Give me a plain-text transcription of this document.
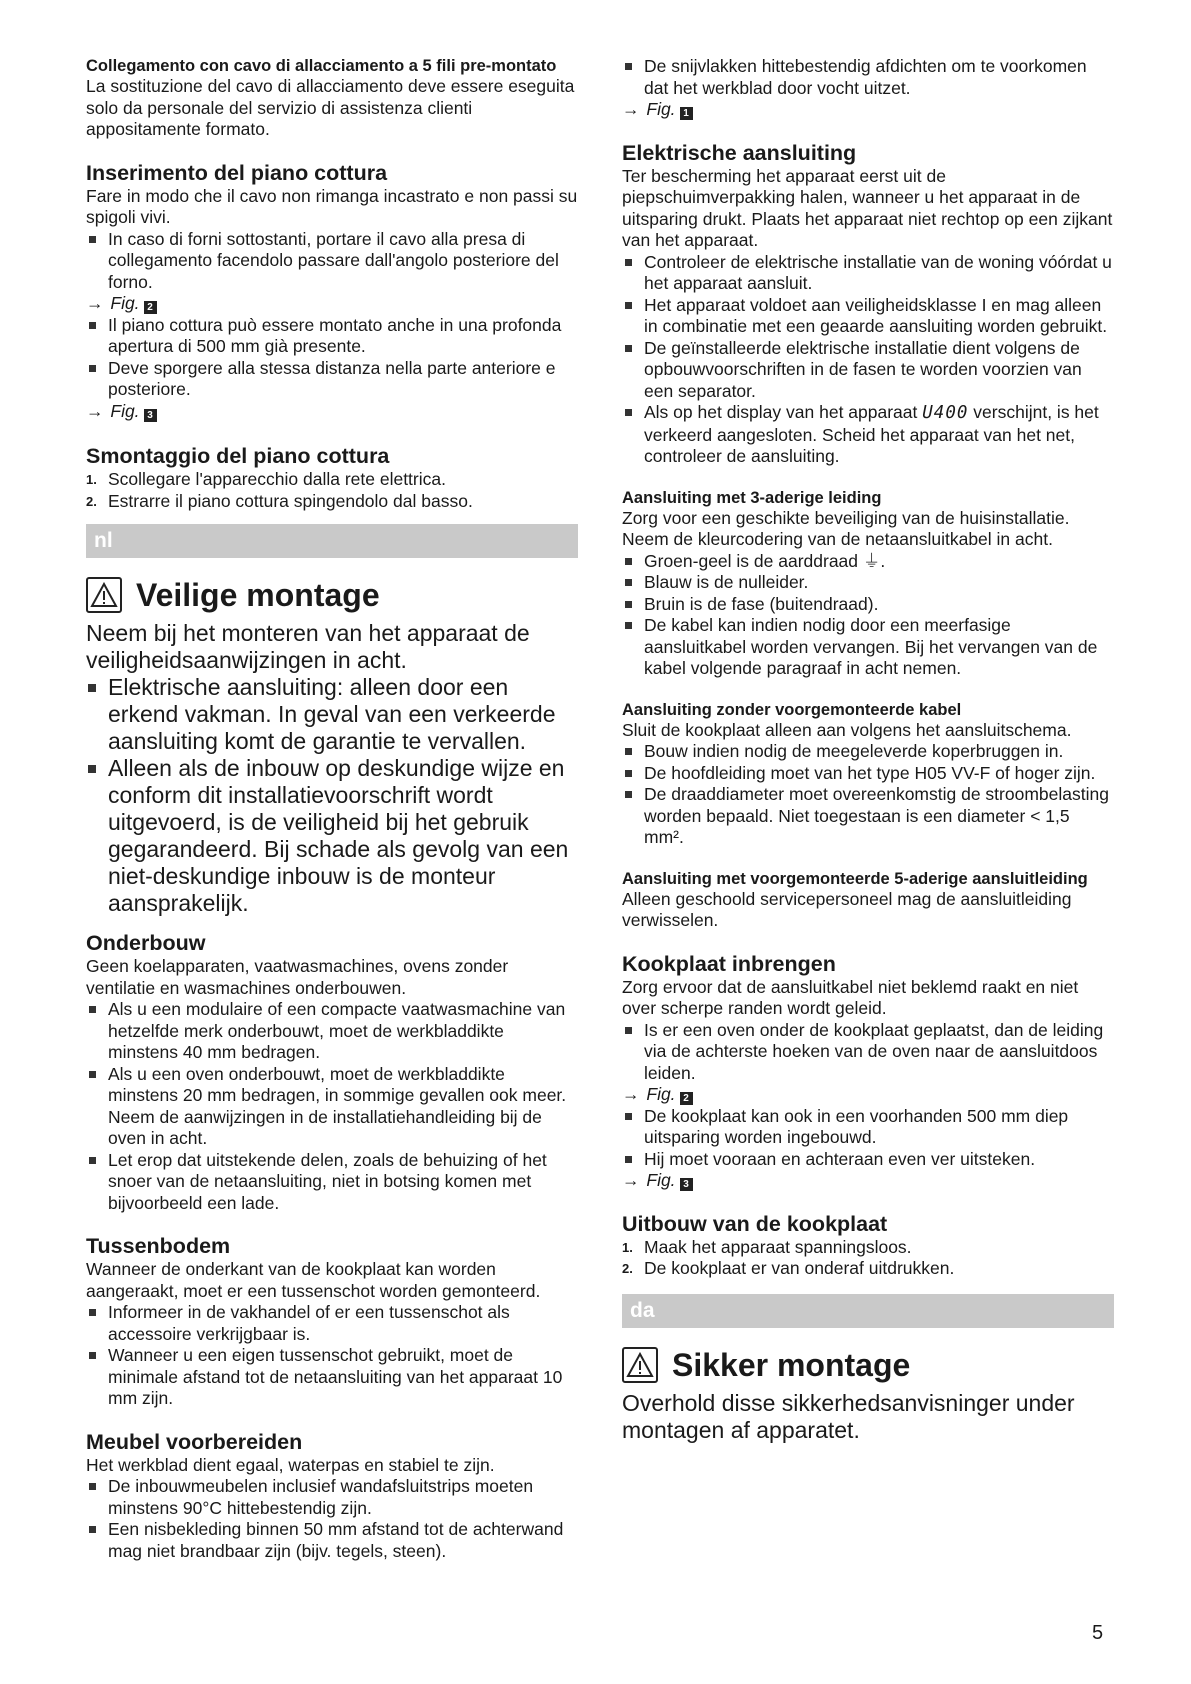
Collegamento con cavo di allacciamento a 5 fili pre-montato

La sostituzione del cavo di allacciamento deve essere eseguita solo da personale del servizio di assistenza clienti appositamente formato.

Inserimento del piano cottura

Fare in modo che il cavo non rimanga incastrato e non passi su spigoli vivi.

In caso di forni sottostanti, portare il cavo alla presa di collegamento facendolo passare dall'angolo posteriore del forno.

→ Fig. 2

Il piano cottura può essere montato anche in una profonda apertura di 500 mm già presente.
Deve sporgere alla stessa distanza nella parte anteriore e posteriore.

→ Fig. 3

Smontaggio del piano cottura

1. Scollegare l'apparecchio dalla rete elettrica.
2. Estrarre il piano cottura spingendolo dal basso.
nl
Veilige montage

Neem bij het monteren van het apparaat de veiligheidsaanwijzingen in acht.

Elektrische aansluiting: alleen door een erkend vakman. In geval van een verkeerde aansluiting komt de garantie te vervallen.
Alleen als de inbouw op deskundige wijze en conform dit installatievoorschrift wordt uitgevoerd, is de veiligheid bij het gebruik gegarandeerd. Bij schade als gevolg van een niet-deskundige inbouw is de monteur aansprakelijk.

Onderbouw

Geen koelapparaten, vaatwasmachines, ovens zonder ventilatie en wasmachines onderbouwen.

Als u een modulaire of een compacte vaatwasmachine van hetzelfde merk onderbouwt, moet de werkbladdikte minstens 40 mm bedragen.
Als u een oven onderbouwt, moet de werkbladdikte minstens 20 mm bedragen, in sommige gevallen ook meer. Neem de aanwijzingen in de installatiehandleiding bij de oven in acht.
Let erop dat uitstekende delen, zoals de behuizing of het snoer van de netaansluiting, niet in botsing komen met bijvoorbeeld een lade.

Tussenbodem

Wanneer de onderkant van de kookplaat kan worden aangeraakt, moet er een tussenschot worden gemonteerd.

Informeer in de vakhandel of er een tussenschot als accessoire verkrijgbaar is.
Wanneer u een eigen tussenschot gebruikt, moet de minimale afstand tot de netaansluiting van het apparaat 10 mm zijn.

Meubel voorbereiden

Het werkblad dient egaal, waterpas en stabiel te zijn.

De inbouwmeubelen inclusief wandafsluitstrips moeten minstens 90°C hittebestendig zijn.
Een nisbekleding binnen 50 mm afstand tot de achterwand mag niet brandbaar zijn (bijv. tegels, steen).
De snijvlakken hittebestendig afdichten om te voorkomen dat het werkblad door vocht uitzet.

→ Fig. 1

Elektrische aansluiting

Ter bescherming het apparaat eerst uit de piepschuimverpakking halen, wanneer u het apparaat in de uitsparing drukt. Plaats het apparaat niet rechtop op een zijkant van het apparaat.

Controleer de elektrische installatie van de woning vóórdat u het apparaat aansluit.
Het apparaat voldoet aan veiligheidsklasse I en mag alleen in combinatie met een geaarde aansluiting worden gebruikt.
De geïnstalleerde elektrische installatie dient volgens de opbouwvoorschriften in de fasen te worden voorzien van een separator.
Als op het display van het apparaat U400 verschijnt, is het verkeerd aangesloten. Scheid het apparaat van het net, controleer de aansluiting.

Aansluiting met 3-aderige leiding

Zorg voor een geschikte beveiliging van de huisinstallatie.

Neem de kleurcodering van de netaansluitkabel in acht.

Groen-geel is de aarddraad ⏚.
Blauw is de nulleider.
Bruin is de fase (buitendraad).
De kabel kan indien nodig door een meerfasige aansluitkabel worden vervangen. Bij het vervangen van de kabel volgende paragraaf in acht nemen.

Aansluiting zonder voorgemonteerde kabel

Sluit de kookplaat alleen aan volgens het aansluitschema.

Bouw indien nodig de meegeleverde koperbruggen in.
De hoofdleiding moet van het type H05 VV-F of hoger zijn.
De draaddiameter moet overeenkomstig de stroombelasting worden bepaald. Niet toegestaan is een diameter < 1,5 mm².

Aansluiting met voorgemonteerde 5-aderige aansluitleiding

Alleen geschoold servicepersoneel mag de aansluitleiding verwisselen.

Kookplaat inbrengen

Zorg ervoor dat de aansluitkabel niet beklemd raakt en niet over scherpe randen wordt geleid.

Is er een oven onder de kookplaat geplaatst, dan de leiding via de achterste hoeken van de oven naar de aansluitdoos leiden.

→ Fig. 2

De kookplaat kan ook in een voorhanden 500 mm diep uitsparing worden ingebouwd.
Hij moet vooraan en achteraan even ver uitsteken.

→ Fig. 3

Uitbouw van de kookplaat

1. Maak het apparaat spanningsloos.
2. De kookplaat er van onderaf uitdrukken.
da
Sikker montage

Overhold disse sikkerhedsanvisninger under montagen af apparatet.

5
